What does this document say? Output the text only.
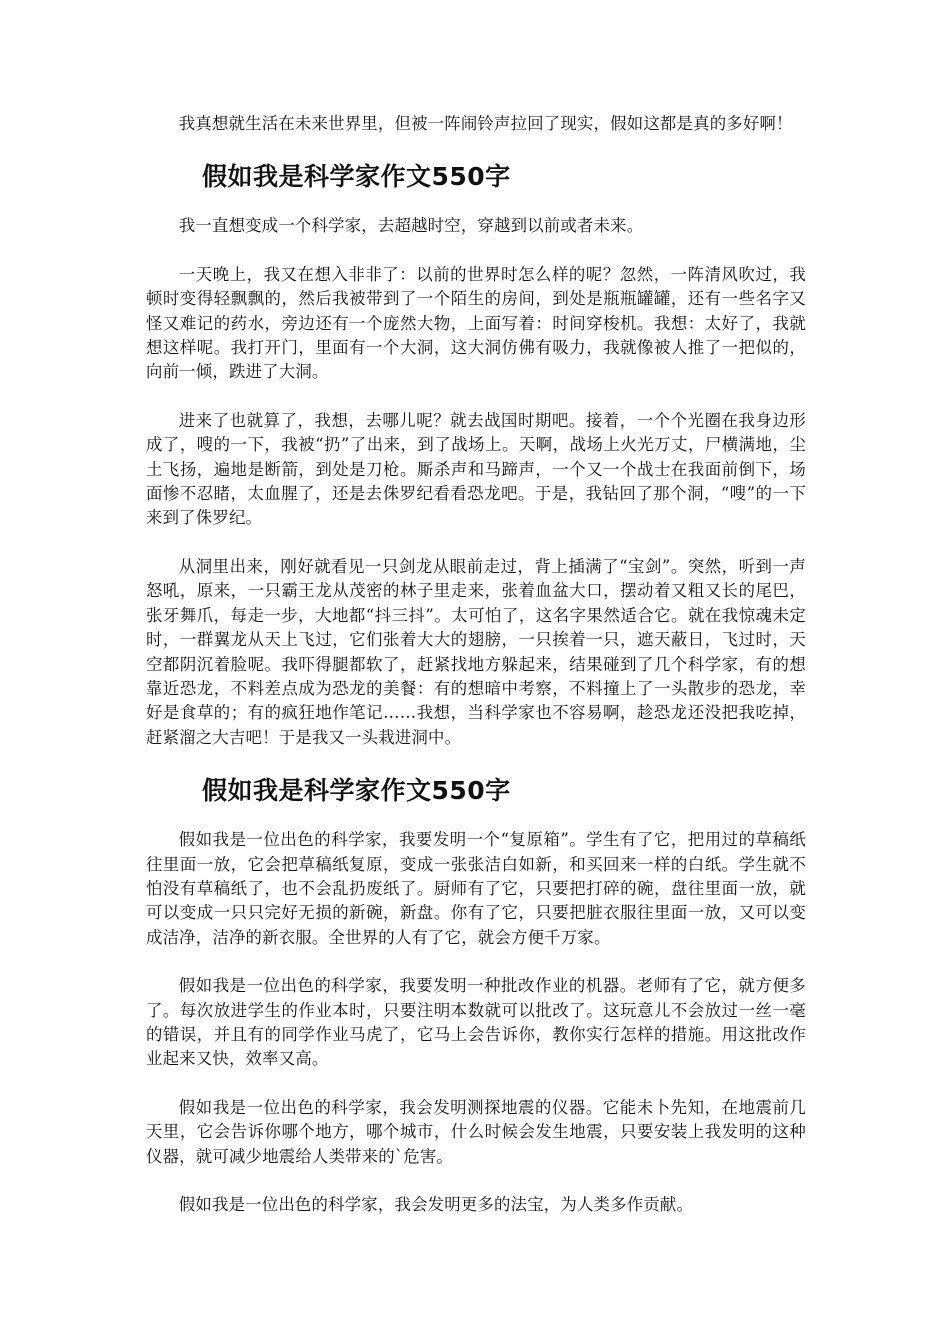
我真想就生活在未来世界里，但被一阵闹铃声拉回了现实，假如这都是真的多好啊！

假如我是科学家作文550字

我一直想变成一个科学家，去超越时空，穿越到以前或者未来。

一天晚上，我又在想入非非了：以前的世界时怎么样的呢？忽然，一阵清风吹过，我顿时变得轻飘飘的，然后我被带到了一个陌生的房间，到处是瓶瓶罐罐，还有一些名字又怪又难记的药水，旁边还有一个庞然大物，上面写着：时间穿梭机。我想：太好了，我就想这样呢。我打开门，里面有一个大洞，这大洞仿佛有吸力，我就像被人推了一把似的，向前一倾，跌进了大洞。

进来了也就算了，我想，去哪儿呢？就去战国时期吧。接着，一个个光圈在我身边形成了，嗖的一下，我被“扔”了出来，到了战场上。天啊，战场上火光万丈，尸横满地，尘土飞扬，遍地是断箭，到处是刀枪。厮杀声和马蹄声，一个又一个战士在我面前倒下，场面惨不忍睹，太血腥了，还是去侏罗纪看看恐龙吧。于是，我钻回了那个洞，“嗖”的一下来到了侏罗纪。

从洞里出来，刚好就看见一只剑龙从眼前走过，背上插满了“宝剑”。突然，听到一声怒吼，原来，一只霸王龙从茂密的林子里走来，张着血盆大口，摆动着又粗又长的尾巴，张牙舞爪，每走一步，大地都“抖三抖”。太可怕了，这名字果然适合它。就在我惊魂未定时，一群翼龙从天上飞过，它们张着大大的翅膀，一只挨着一只，遮天蔽日，飞过时，天空都阴沉着脸呢。我吓得腿都软了，赶紧找地方躲起来，结果碰到了几个科学家，有的想靠近恐龙，不料差点成为恐龙的美餐：有的想暗中考察，不料撞上了一头散步的恐龙，幸好是食草的；有的疯狂地作笔记……我想，当科学家也不容易啊，趁恐龙还没把我吃掉，赶紧溜之大吉吧！于是我又一头栽进洞中。

假如我是科学家作文550字

假如我是一位出色的科学家，我要发明一个“复原箱”。学生有了它，把用过的草稿纸往里面一放，它会把草稿纸复原，变成一张张洁白如新，和买回来一样的白纸。学生就不怕没有草稿纸了，也不会乱扔废纸了。厨师有了它，只要把打碎的碗，盘往里面一放，就可以变成一只只完好无损的新碗，新盘。你有了它，只要把脏衣服往里面一放，又可以变成洁净，洁净的新衣服。全世界的人有了它，就会方便千万家。

假如我是一位出色的科学家，我要发明一种批改作业的机器。老师有了它，就方便多了。每次放进学生的作业本时，只要注明本数就可以批改了。这玩意儿不会放过一丝一毫的错误，并且有的同学作业马虎了，它马上会告诉你，教你实行怎样的措施。用这批改作业起来又快，效率又高。

假如我是一位出色的科学家，我会发明测探地震的仪器。它能未卜先知，在地震前几天里，它会告诉你哪个地方，哪个城市，什么时候会发生地震，只要安装上我发明的这种仪器，就可减少地震给人类带来的`危害。

假如我是一位出色的科学家，我会发明更多的法宝，为人类多作贡献。
